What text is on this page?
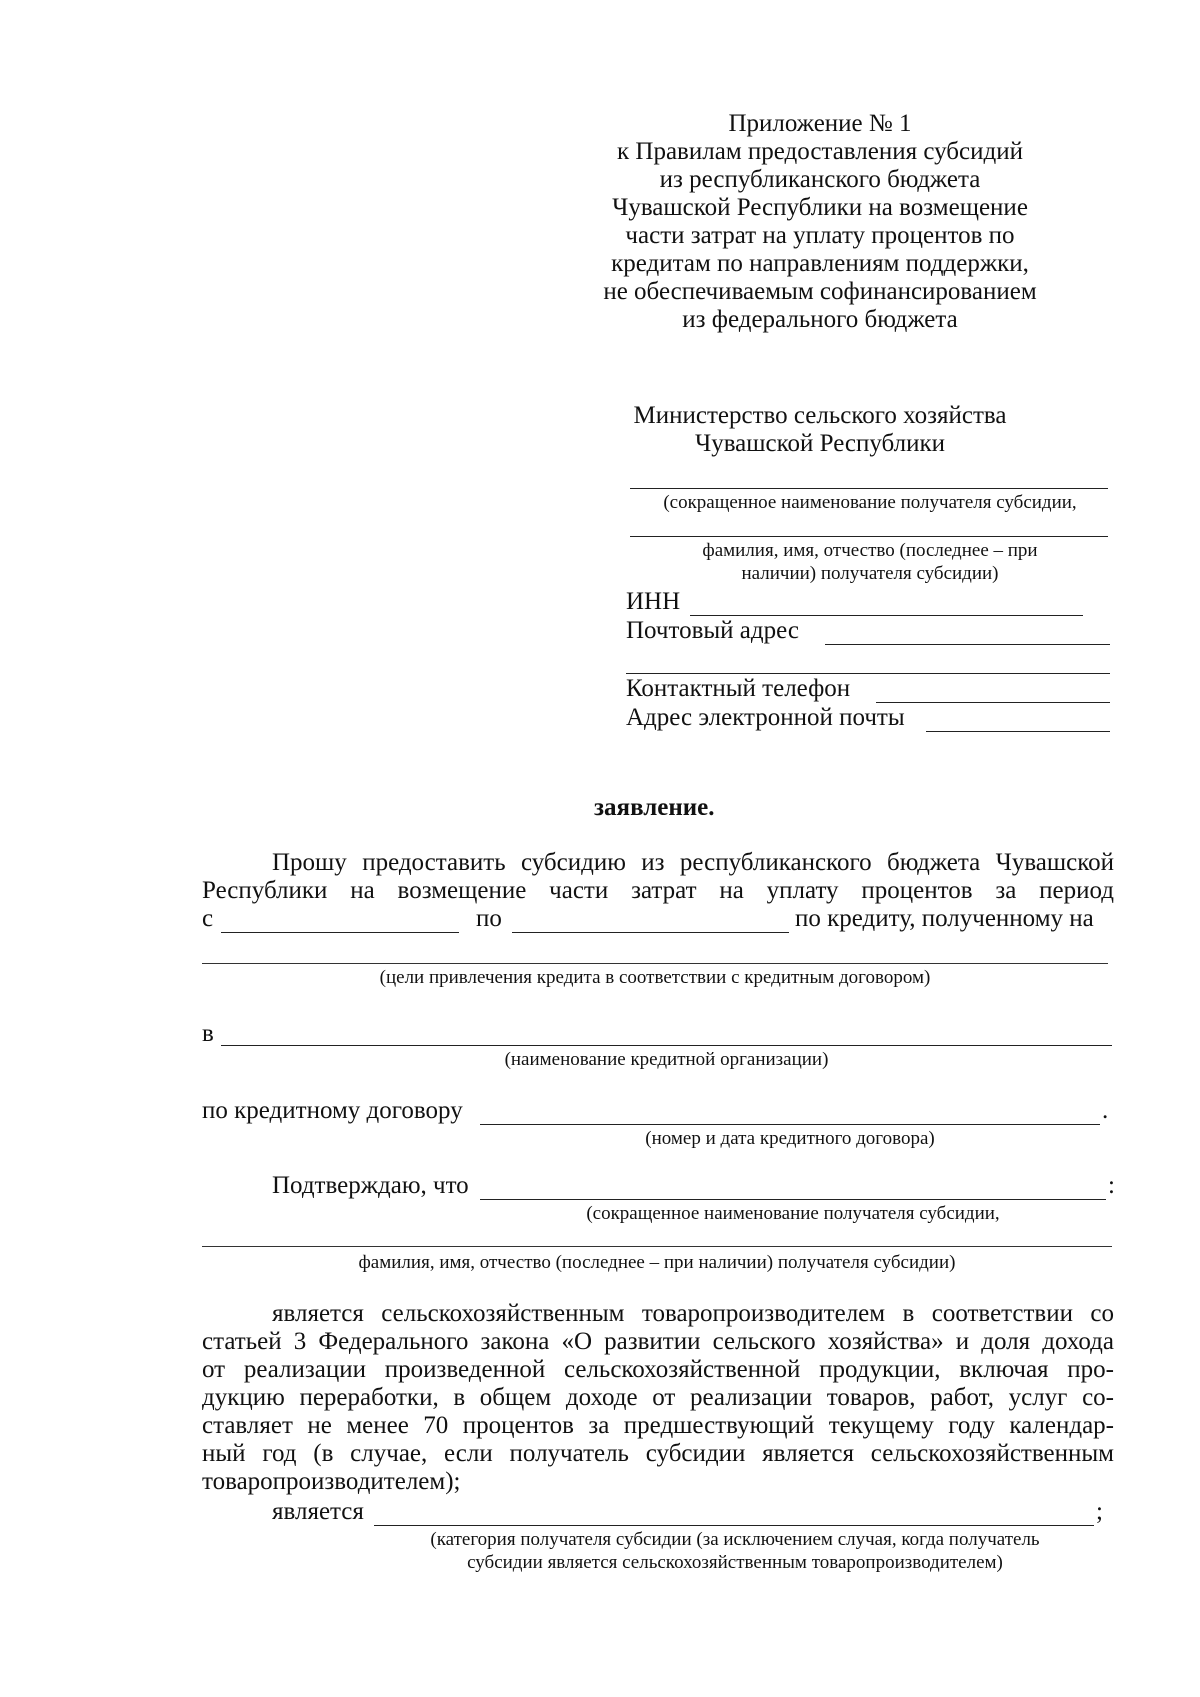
Приложение № 1
к Правилам предоставления субсидий
из республиканского бюджета
Чувашской Республики на возмещение
части затрат на уплату процентов по
кредитам по направлениям поддержки,
не обеспечиваемым софинансированием
из федерального бюджета
Министерство сельского хозяйства
Чувашской Республики
(сокращенное наименование получателя субсидии,
фамилия, имя, отчество (последнее – при
наличии) получателя субсидии)
ИНН
Почтовый адрес
Контактный телефон
Адрес электронной почты
заявление.
Прошу предоставить субсидию из республиканского бюджета Чувашской
Республики на возмещение части затрат на уплату процентов за период
с	по	по кредиту, полученному на
(цели привлечения кредита в соответствии с кредитным договором)
в
(наименование кредитной организации)
по кредитному договору	.
(номер и дата кредитного договора)
Подтверждаю, что	:
(сокращенное наименование получателя субсидии,
фамилия, имя, отчество (последнее – при наличии) получателя субсидии)
является сельскохозяйственным товаропроизводителем в соответствии со
статьей 3 Федерального закона «О развитии сельского хозяйства» и доля дохода
от реализации произведенной сельскохозяйственной продукции, включая про-
дукцию переработки, в общем доходе от реализации товаров, работ, услуг со-
ставляет не менее 70 процентов за предшествующий текущему году календар-
ный год (в случае, если получатель субсидии является сельскохозяйственным
товаропроизводителем);
является	;
(категория получателя субсидии (за исключением случая, когда получатель
субсидии является сельскохозяйственным товаропроизводителем)
